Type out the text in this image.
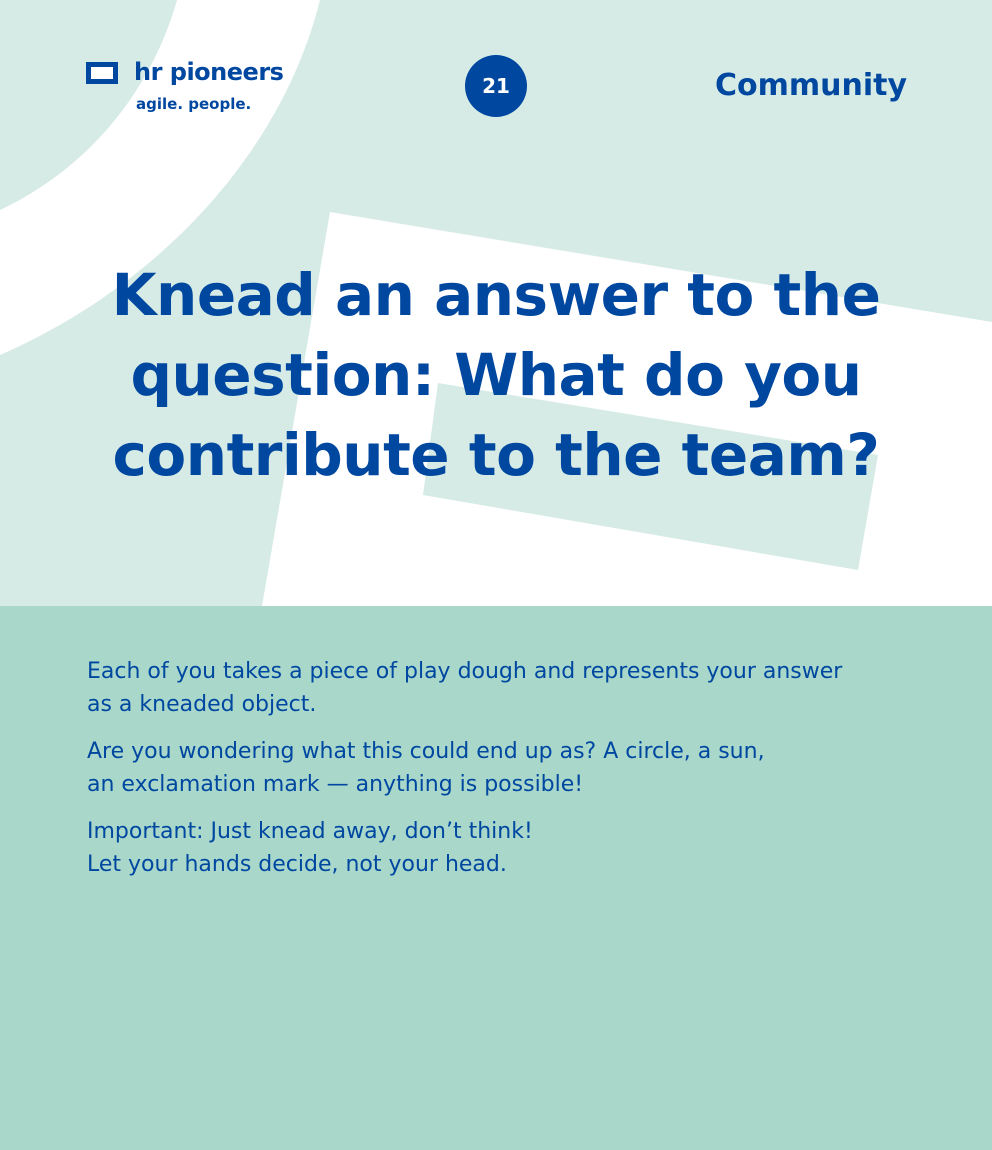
hr pioneers
agile. people.
21	Community
Knead an answer to the
question: What do you
contribute to the team?

Each of you takes a piece of play dough and represents your answer
as a kneaded object.

Are you wondering what this could end up as? A circle, a sun,
an exclamation mark — anything is possible!

Important: Just knead away, don’t think!
Let your hands decide, not your head.
